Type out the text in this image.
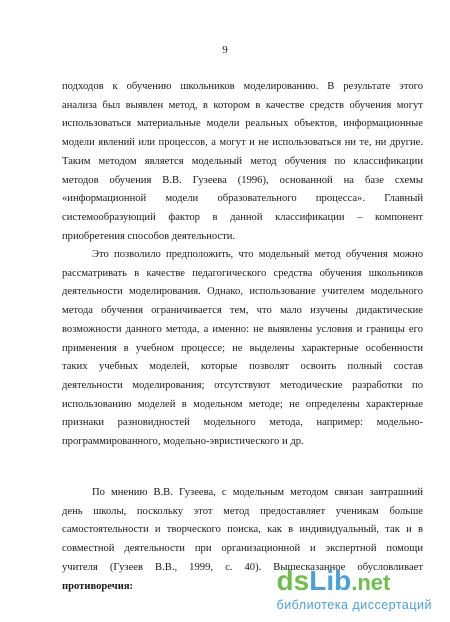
9
подходов к обучению школьников моделированию. В результате этого
анализа был выявлен метод, в котором в качестве средств обучения могут
использоваться материальные модели реальных объектов, информационные
модели явлений или процессов, а могут и не использоваться ни те, ни другие.
Таким методом является модельный метод обучения по классификации
методов обучения В.В. Гузеева (1996), основанной на базе схемы
«информационной модели образовательного процесса». Главный
системообразующий фактор в данной классификации – компонент
приобретения способов деятельности.
Это позволило предположить, что модельный метод обучения можно
рассматривать в качестве педагогического средства обучения школьников
деятельности моделирования. Однако, использование учителем модельного
метода обучения ограничивается тем, что мало изучены дидактические
возможности данного метода, а именно: не выявлены условия и границы его
применения в учебном процессе; не выделены характерные особенности
таких учебных моделей, которые позволят освоить полный состав
деятельности моделирования; отсутствуют методические разработки по
использованию моделей в модельном методе; не определены характерные
признаки разновидностей модельного метода, например: модельно-
программированного, модельно-эвристического и др.
По мнению В.В. Гузеева, с модельным методом связан завтрашний
день школы, поскольку этот метод предоставляет ученикам больше
самостоятельности и творческого поиска, как в индивидуальный, так и в
совместной деятельности при организационной и экспертной помощи
учителя (Гузеев В.В., 1999, с. 40). Вышесказанное обусловливает
противоречия:	dsLib.net
библиотека диссертаций
